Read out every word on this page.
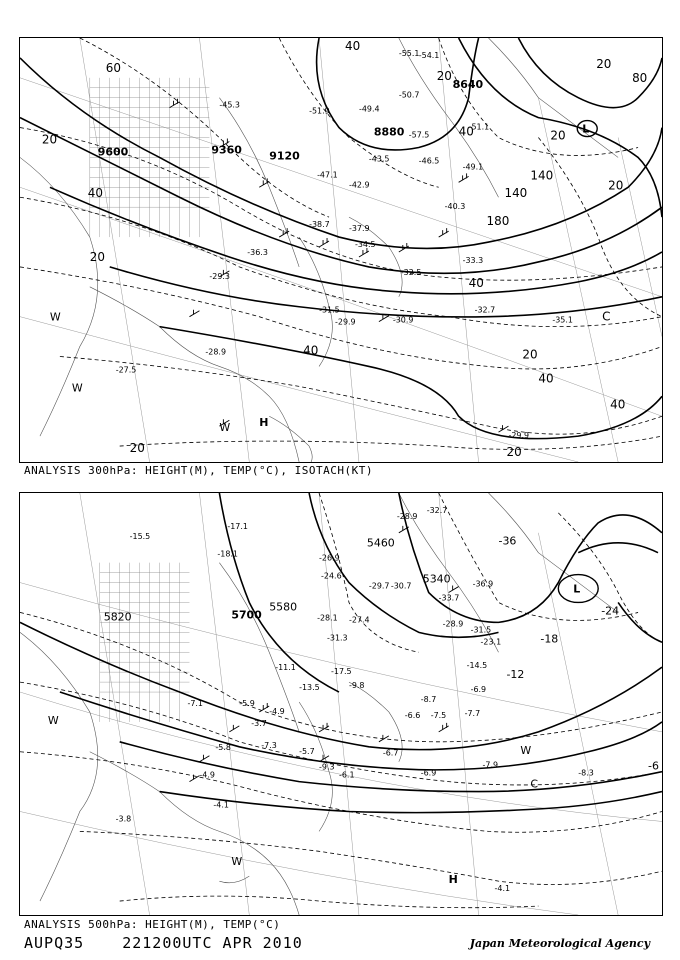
9600	9360 9120
8880
8640
20
40
60
40
20
20
40
140
180
140
40
20
40
20
40
20
20
20
80
40
20
-54.1
-51.9
-47.1
-42.9
-40.3
-38.7 -37.9
-36.3
-34.5
-33.3
-32.5
-31.5
-30.9
-29.9
-29.3
-28.9
-27.5
-35.1
-32.7
-29.9
-57.5
-55.1
-51.1
-49.1
-46.5
-43.5
-45.3	-49.4
-50.7
H
L
W
W
W
C
ANALYSIS 300hPa: HEIGHT(M), TEMP(°C), ISOTACH(KT)
5820	5700
5580
5460
5340
-36
-24
-18
-12
-6
-32.7
-28.9
-26.9
-24.6
-29.7 -30.7
-33.7
-36.9
-28.9
-31.5
-31.3
-28.1 -27.4
-23.1
-17.5
-14.5
-11.1
-13.5
-8.7
-6.9
-9.8
-7.7
-6.6 -7.5
-5.9
-4.9
-3.7
-5.7
-7.3
-6.7
-9.3
-6.1	-6.9
-7.9
-8.3
-4.1
-3.8
-4.9
-5.8
-7.1
-15.5
-17.1
-18.1
-4.1
H
L
W
W
W
C
ANALYSIS 500hPa: HEIGHT(M), TEMP(°C)
AUPQ35	221200UTC APR 2010	Japan Meteorological Agency
